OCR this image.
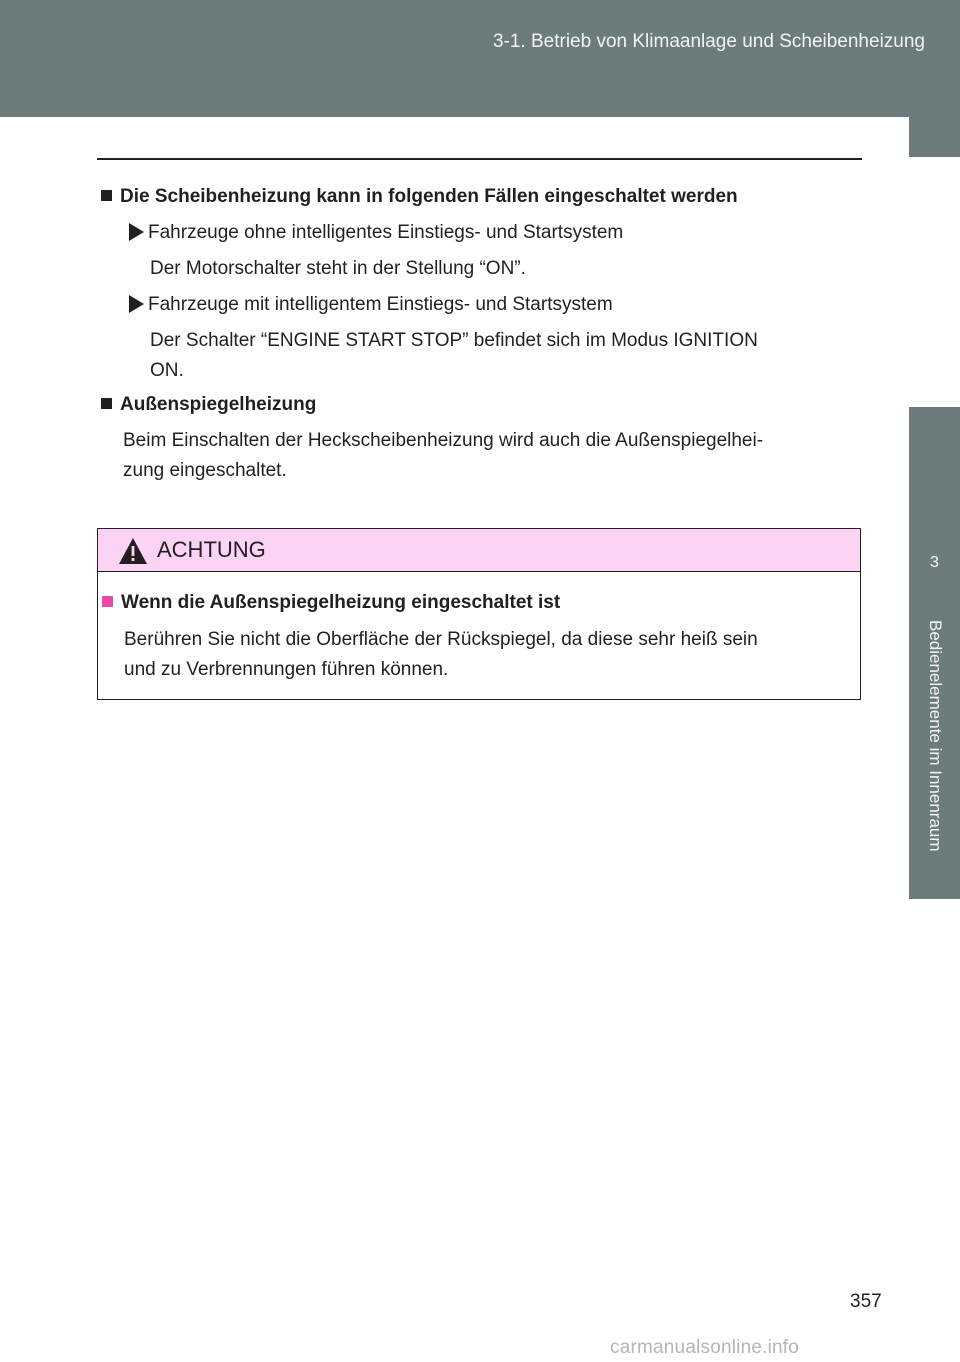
3-1. Betrieb von Klimaanlage und Scheibenheizung
3
Bedienelemente im Innenraum

Die Scheibenheizung kann in folgenden Fällen eingeschaltet werden

Fahrzeuge ohne intelligentes Einstiegs- und Startsystem

Der Motorschalter steht in der Stellung “ON”.

Fahrzeuge mit intelligentem Einstiegs- und Startsystem

Der Schalter “ENGINE START STOP” befindet sich im Modus IGNITION

ON.

Außenspiegelheizung

Beim Einschalten der Heckscheibenheizung wird auch die Außenspiegelhei-

zung eingeschaltet.

ACHTUNG

Wenn die Außenspiegelheizung eingeschaltet ist

Berühren Sie nicht die Oberfläche der Rückspiegel, da diese sehr heiß sein

und zu Verbrennungen führen können.

357
carmanualsonline.info
